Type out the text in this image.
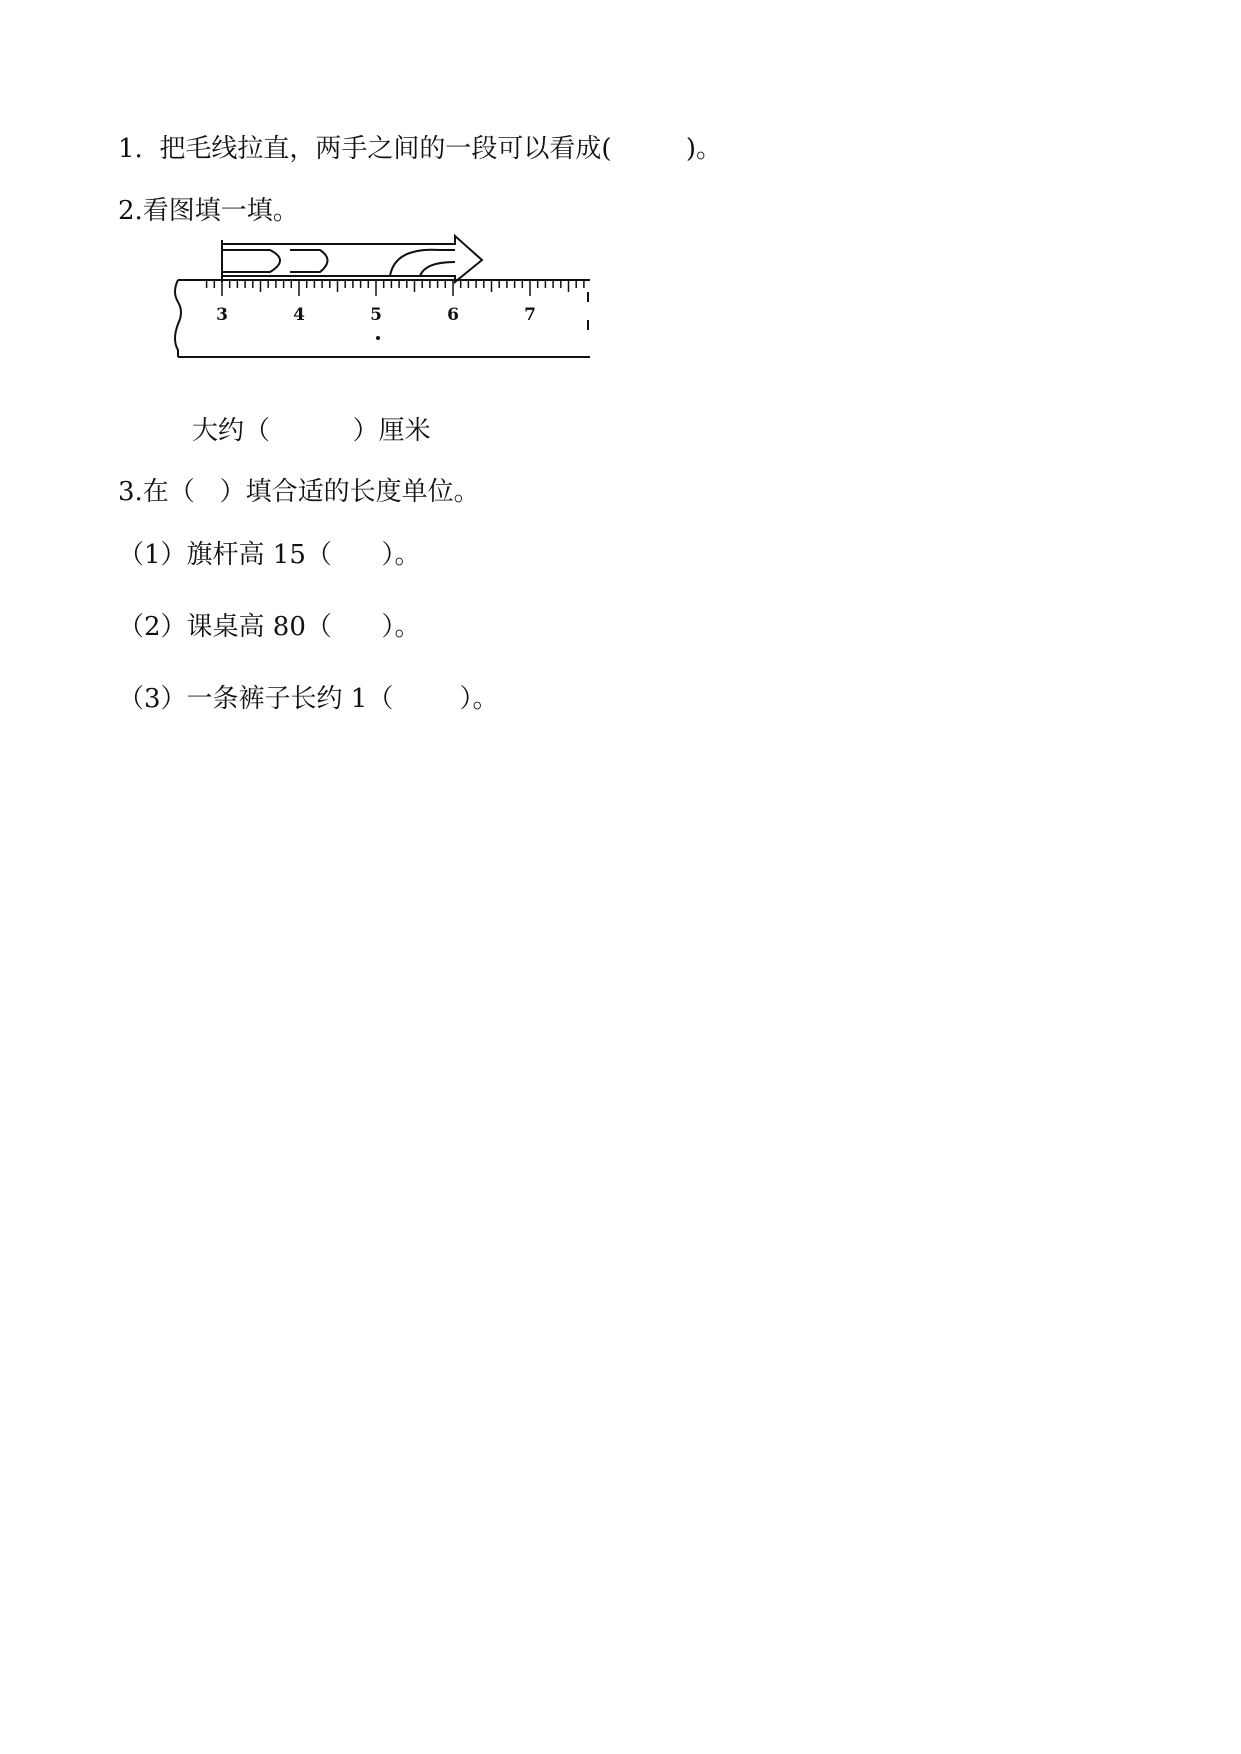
1.  把毛线拉直，两手之间的一段可以看成(         )。
2.看图填一填。
3	4	5	6	7
大约（          ）厘米
3.在（   ）填合适的长度单位。
（1）旗杆高 15（      ）。
（2）课桌高 80（      ）。
（3）一条裤子长约 1（        ）。
